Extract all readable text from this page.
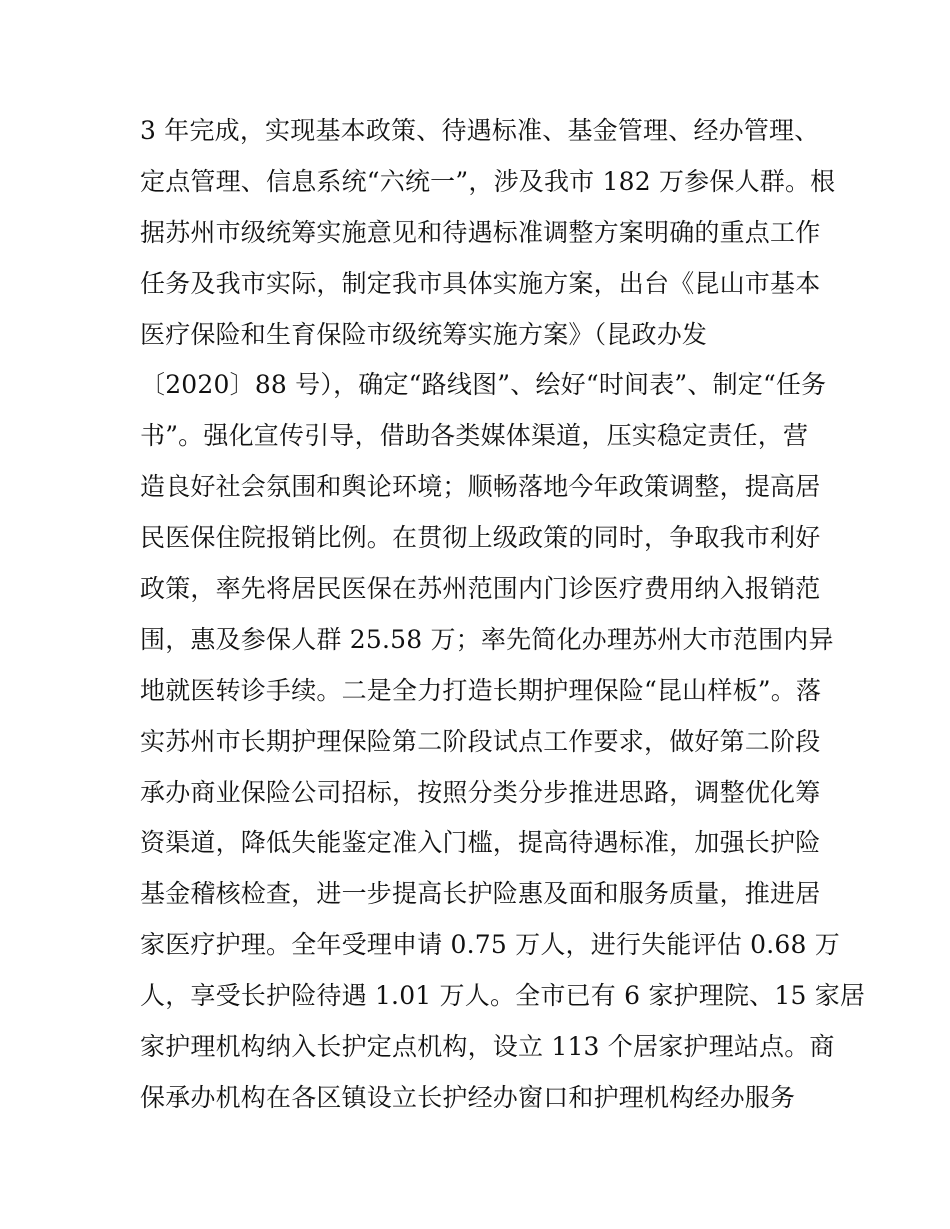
3 年完成，实现基本政策、待遇标准、基金管理、经办管理、
定点管理、信息系统“六统一”，涉及我市 182 万参保人群。根
据苏州市级统筹实施意见和待遇标准调整方案明确的重点工作
任务及我市实际，制定我市具体实施方案，出台《昆山市基本
医疗保险和生育保险市级统筹实施方案》（昆政办发
〔2020〕88 号），确定“路线图”、绘好“时间表”、制定“任务
书”。强化宣传引导，借助各类媒体渠道，压实稳定责任，营
造良好社会氛围和舆论环境；顺畅落地今年政策调整，提高居
民医保住院报销比例。在贯彻上级政策的同时，争取我市利好
政策，率先将居民医保在苏州范围内门诊医疗费用纳入报销范
围，惠及参保人群 25.58 万；率先简化办理苏州大市范围内异
地就医转诊手续。二是全力打造长期护理保险“昆山样板”。落
实苏州市长期护理保险第二阶段试点工作要求，做好第二阶段
承办商业保险公司招标，按照分类分步推进思路，调整优化筹
资渠道，降低失能鉴定准入门槛，提高待遇标准，加强长护险
基金稽核检查，进一步提高长护险惠及面和服务质量，推进居
家医疗护理。全年受理申请 0.75 万人，进行失能评估 0.68 万
人，享受长护险待遇 1.01 万人。全市已有 6 家护理院、15 家居
家护理机构纳入长护定点机构，设立 113 个居家护理站点。商
保承办机构在各区镇设立长护经办窗口和护理机构经办服务
